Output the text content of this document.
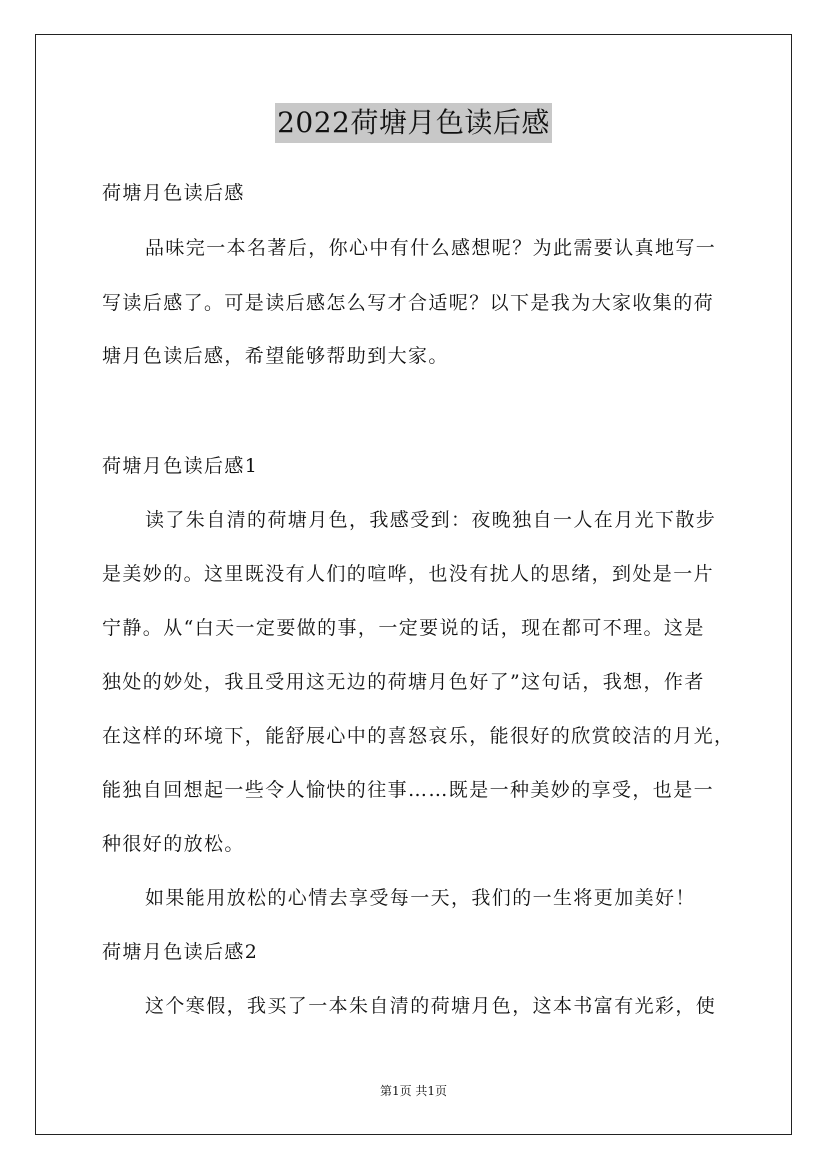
2022荷塘月色读后感
荷塘月色读后感
品味完一本名著后，你心中有什么感想呢？为此需要认真地写一
写读后感了。可是读后感怎么写才合适呢？以下是我为大家收集的荷
塘月色读后感，希望能够帮助到大家。
荷塘月色读后感1
读了朱自清的荷塘月色，我感受到：夜晚独自一人在月光下散步
是美妙的。这里既没有人们的喧哗，也没有扰人的思绪，到处是一片
宁静。从“白天一定要做的事，一定要说的话，现在都可不理。这是
独处的妙处，我且受用这无边的荷塘月色好了”这句话，我想，作者
在这样的环境下，能舒展心中的喜怒哀乐，能很好的欣赏皎洁的月光，
能独自回想起一些令人愉快的往事……既是一种美妙的享受，也是一
种很好的放松。
如果能用放松的心情去享受每一天，我们的一生将更加美好！
荷塘月色读后感2
这个寒假，我买了一本朱自清的荷塘月色，这本书富有光彩，使
第1页 共1页
